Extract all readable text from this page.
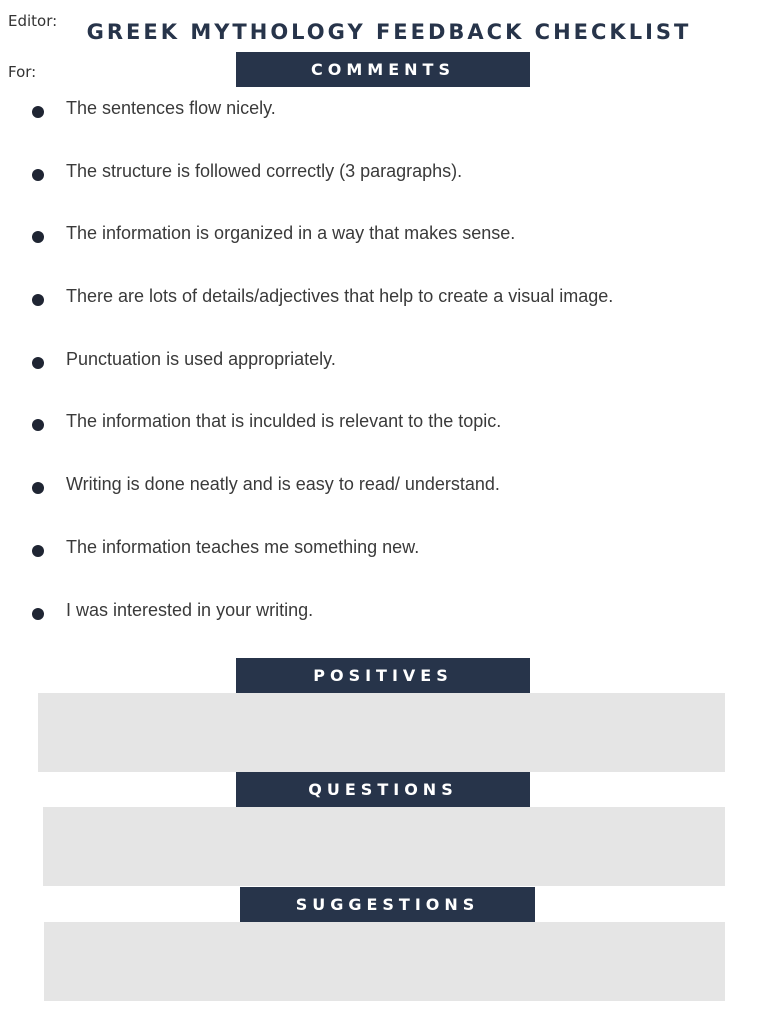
Editor:
For:
GREEK MYTHOLOGY FEEDBACK CHECKLIST
COMMENTS
The sentences flow nicely.
The structure is followed correctly (3 paragraphs).
The information is organized in a way that makes sense.
There are lots of details/adjectives that help to create a visual image.
Punctuation is used appropriately.
The information that is inculded is relevant to the topic.
Writing is done neatly and is easy to read/ understand.
The information teaches me something new.
I was interested in your writing.
POSITIVES
QUESTIONS
SUGGESTIONS
